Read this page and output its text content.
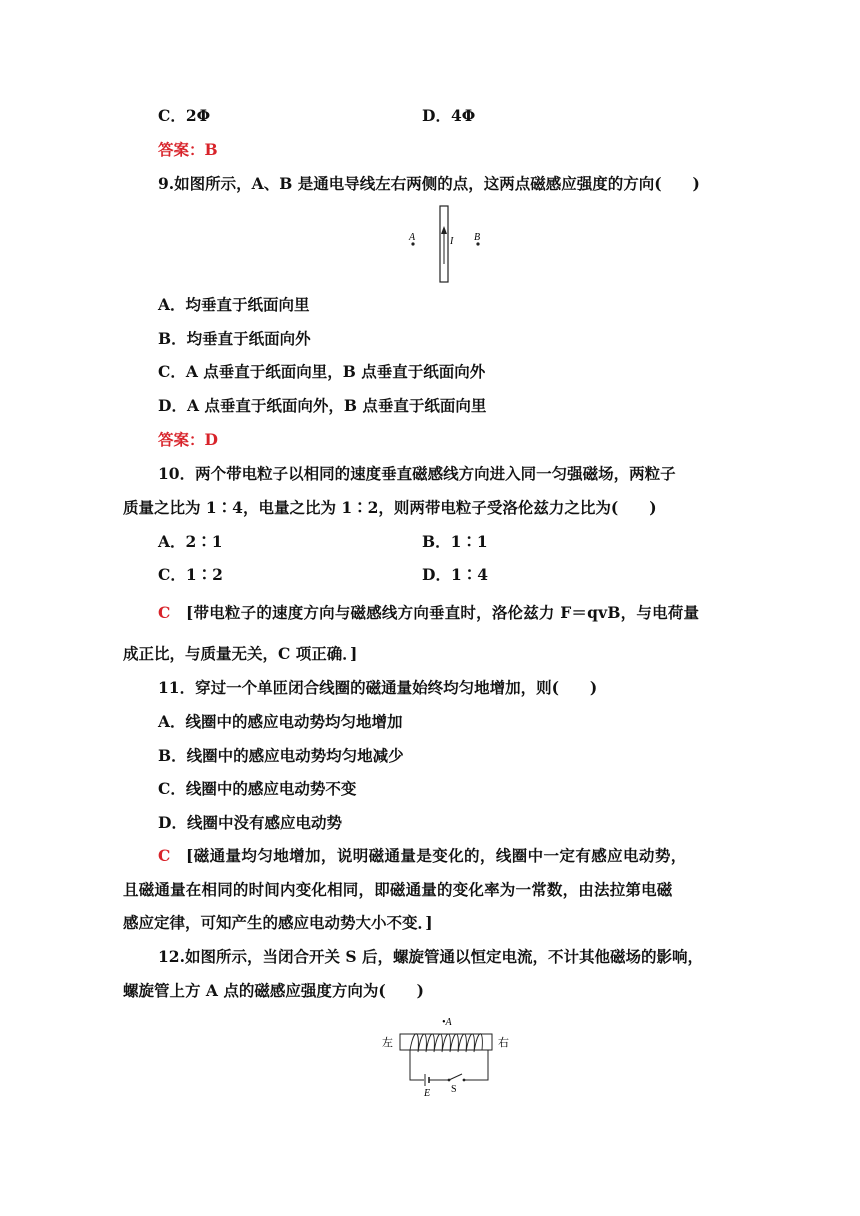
C．2Φ	D．4Φ
答案：B
9.如图所示，A、B 是通电导线左右两侧的点，这两点磁感应强度的方向(　　)
A	B
I
A．均垂直于纸面向里
B．均垂直于纸面向外
C．A 点垂直于纸面向里，B 点垂直于纸面向外
D．A 点垂直于纸面向外，B 点垂直于纸面向里
答案：D
10．两个带电粒子以相同的速度垂直磁感线方向进入同一匀强磁场，两粒子
质量之比为 1∶4，电量之比为 1∶2，则两带电粒子受洛伦兹力之比为(　　)
A．2∶1	B．1∶1
C．1∶2	D．1∶4
C [带电粒子的速度方向与磁感线方向垂直时，洛伦兹力 F＝qvB，与电荷量
成正比，与质量无关，C 项正确．]
11．穿过一个单匝闭合线圈的磁通量始终均匀地增加，则(　　)
A．线圈中的感应电动势均匀地增加
B．线圈中的感应电动势均匀地减少
C．线圈中的感应电动势不变
D．线圈中没有感应电动势
C [磁通量均匀地增加，说明磁通量是变化的，线圈中一定有感应电动势，
且磁通量在相同的时间内变化相同，即磁通量的变化率为一常数，由法拉第电磁
感应定律，可知产生的感应电动势大小不变．]
12.如图所示，当闭合开关 S 后，螺旋管通以恒定电流，不计其他磁场的影响，
螺旋管上方 A 点的磁感应强度方向为(　　)
•A
左	右
E S
